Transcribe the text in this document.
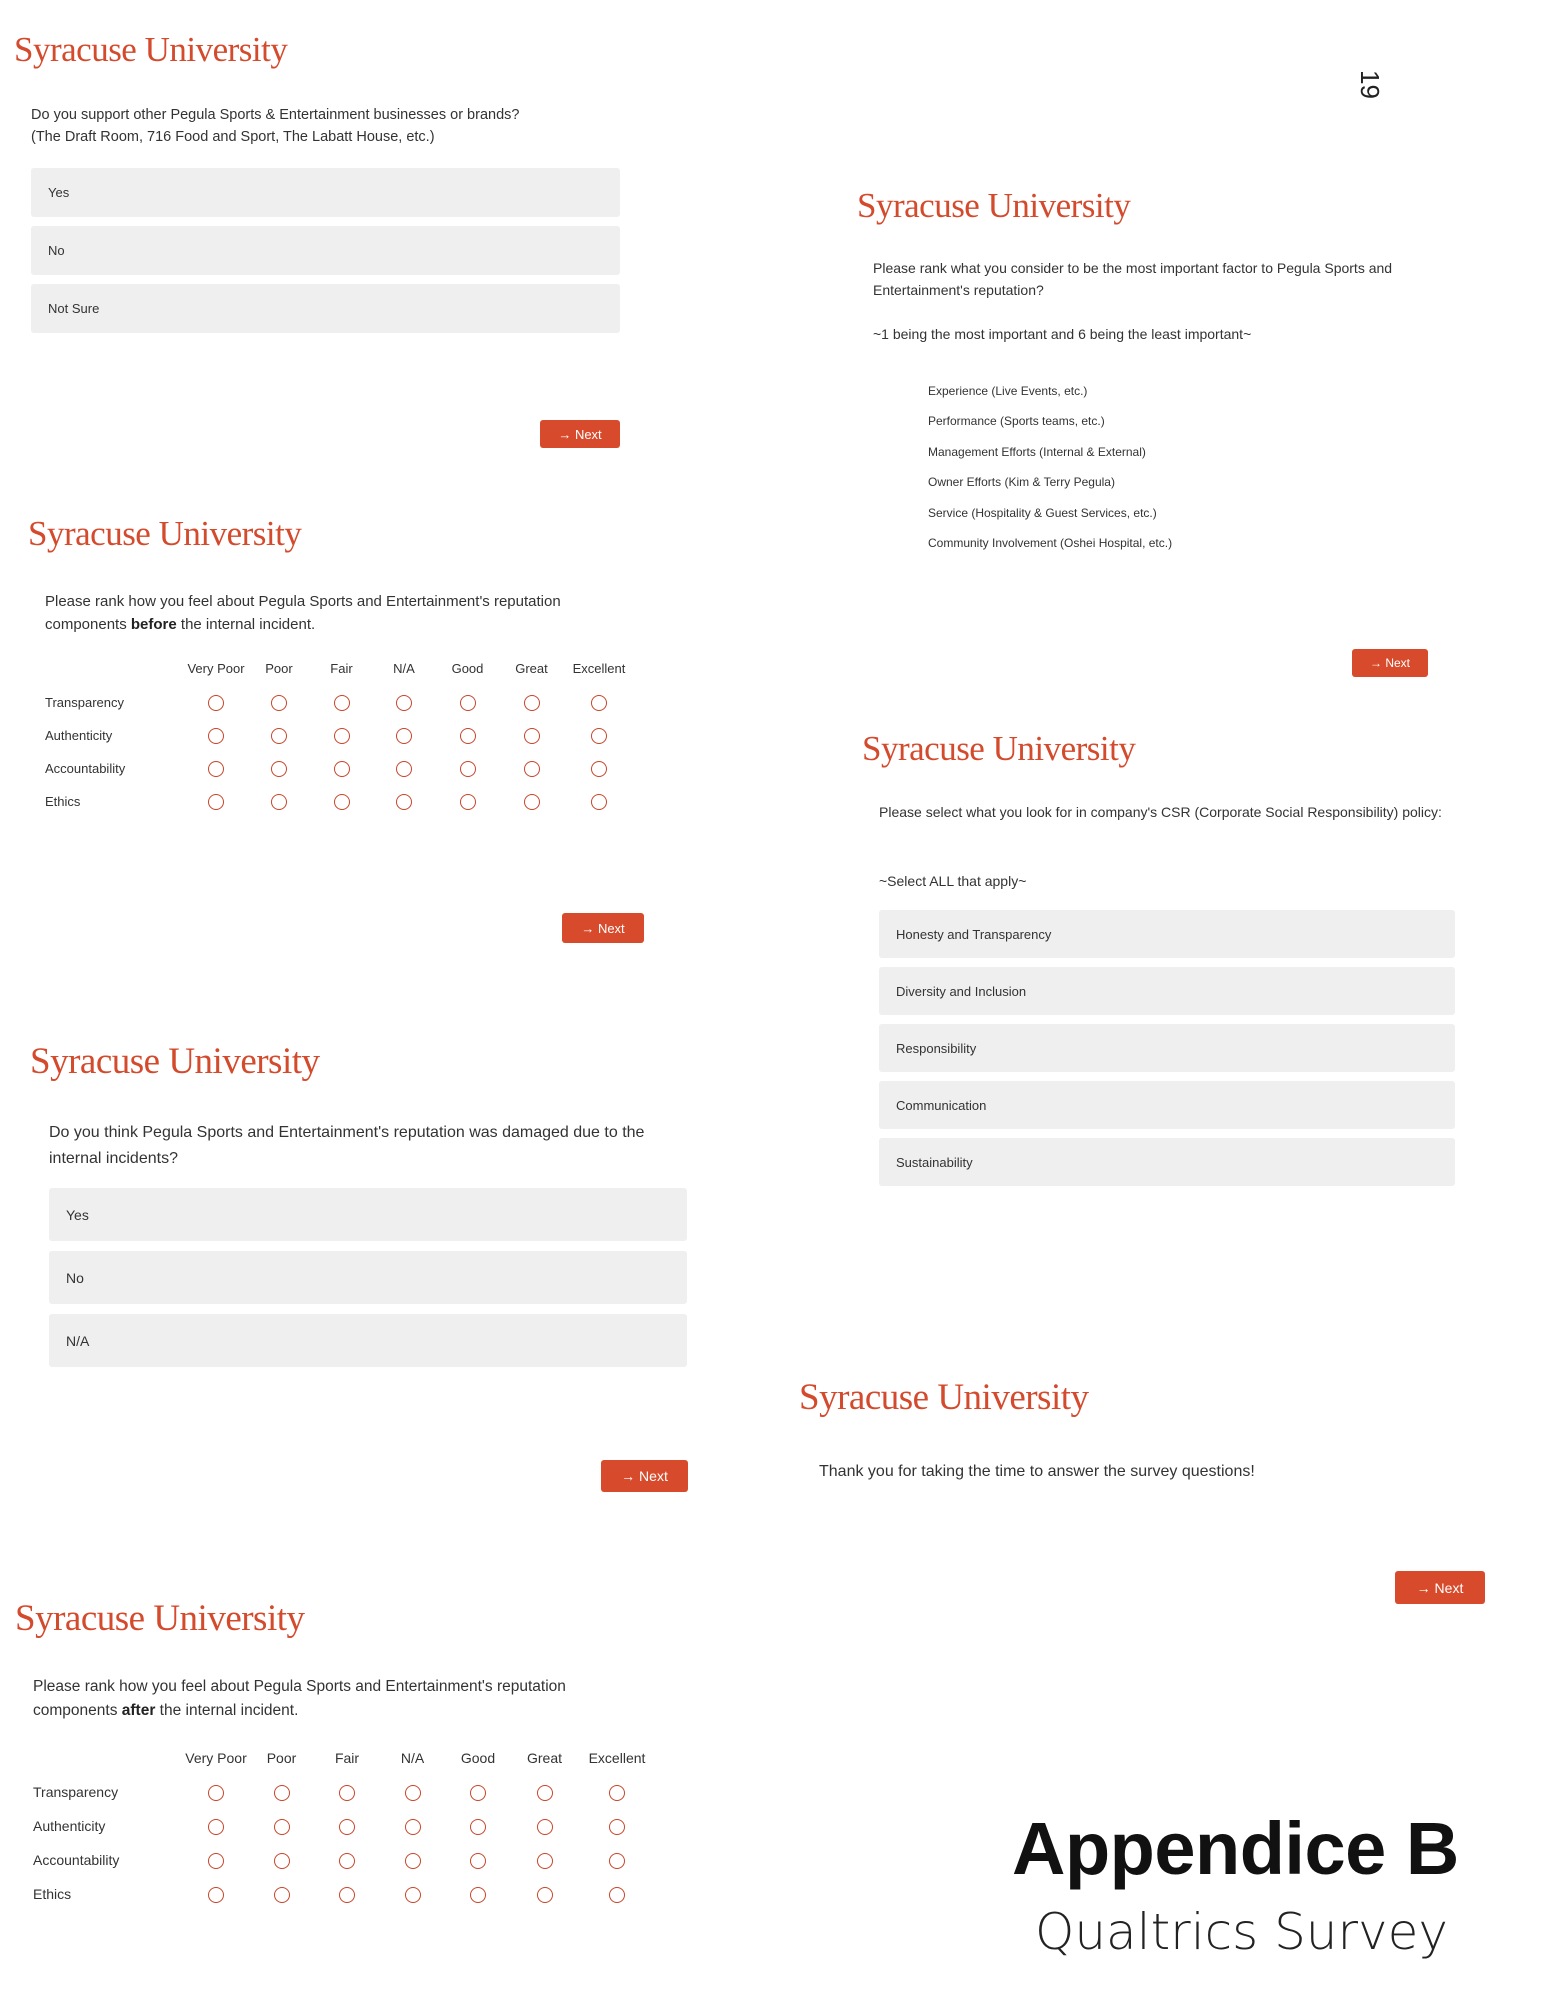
19
Syracuse University
Do you support other Pegula Sports & Entertainment businesses or brands?
(The Draft Room, 716 Food and Sport, The Labatt House, etc.)
Yes
No
Not Sure
→ Next
Syracuse University
Please rank how you feel about Pegula Sports and Entertainment's reputation components before the internal incident.
	Very Poor	Poor	Fair	N/A	Good	Great	Excellent
Transparency							
Authenticity							
Accountability							
Ethics							
→ Next
Syracuse University
Do you think Pegula Sports and Entertainment's reputation was damaged due to the internal incidents?
Yes
No
N/A
→ Next
Syracuse University
Please rank how you feel about Pegula Sports and Entertainment's reputation components after the internal incident.
	Very Poor	Poor	Fair	N/A	Good	Great	Excellent
Transparency							
Authenticity							
Accountability							
Ethics							
Syracuse University
Please rank what you consider to be the most important factor to Pegula Sports and Entertainment's reputation?
~1 being the most important and 6 being the least important~
Experience (Live Events, etc.)
Performance (Sports teams, etc.)
Management Efforts (Internal & External)
Owner Efforts (Kim & Terry Pegula)
Service (Hospitality & Guest Services, etc.)
Community Involvement (Oshei Hospital, etc.)
→ Next
Syracuse University
Please select what you look for in company's CSR (Corporate Social Responsibility) policy:
~Select ALL that apply~
Honesty and Transparency
Diversity and Inclusion
Responsibility
Communication
Sustainability
Syracuse University
Thank you for taking the time to answer the survey questions!
→ Next
Appendice B
Qualtrics Survey
